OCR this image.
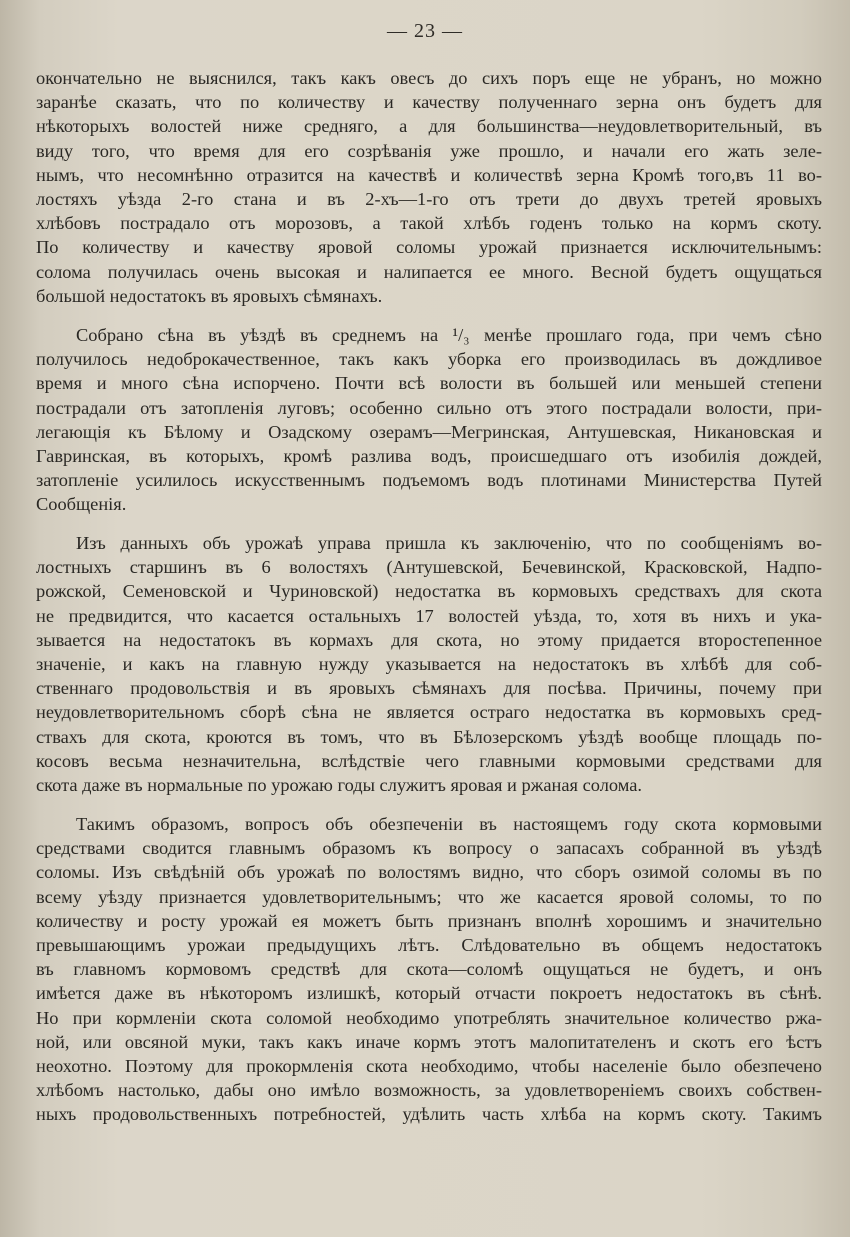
— 23 —
окончательно не выяснился, такъ какъ овесъ до сихъ поръ еще не убранъ, но можно
заранѣе сказать, что по количеству и качеству полученнаго зерна онъ будетъ для
нѣкоторыхъ волостей ниже средняго, а для большинства—неудовлетворительный, въ
виду того, что время для его созрѣванія уже прошло, и начали его жать зеле-
нымъ, что несомнѣнно отразится на качествѣ и количествѣ зерна Кромѣ того,въ 11 во-
лостяхъ уѣзда 2-го стана и въ 2-хъ—1-го отъ трети до двухъ третей яровыхъ
хлѣбовъ пострадало отъ морозовъ, а такой хлѣбъ годенъ только на кормъ скоту.
По количеству и качеству яровой соломы урожай признается исключительнымъ:
солома получилась очень высокая и налипается ее много. Весной будетъ ощущаться
большой недостатокъ въ яровыхъ сѣмянахъ.
Собрано сѣна въ уѣздѣ въ среднемъ на ¹/₃ менѣе прошлаго года, при чемъ сѣно
получилось недоброкачественное, такъ какъ уборка его производилась въ дождливое
время и много сѣна испорчено. Почти всѣ волости въ большей или меньшей степени
пострадали отъ затопленія луговъ; особенно сильно отъ этого пострадали волости, при-
легающія къ Бѣлому и Озадскому озерамъ—Мегринская, Антушевская, Никановская и
Гавринская, въ которыхъ, кромѣ разлива водъ, происшедшаго отъ изобилія дождей,
затопленіе усилилось искусственнымъ подъемомъ водъ плотинами Министерства Путей
Сообщенія.
Изъ данныхъ объ урожаѣ управа пришла къ заключенію, что по сообщеніямъ во-
лостныхъ старшинъ въ 6 волостяхъ (Антушевской, Бечевинской, Красковской, Надпо-
рожской, Семеновской и Чуриновской) недостатка въ кормовыхъ средствахъ для скота
не предвидится, что касается остальныхъ 17 волостей уѣзда, то, хотя въ нихъ и ука-
зывается на недостатокъ въ кормахъ для скота, но этому придается второстепенное
значеніе, и какъ на главную нужду указывается на недостатокъ въ хлѣбѣ для соб-
ственнаго продовольствія и въ яровыхъ сѣмянахъ для посѣва. Причины, почему при
неудовлетворительномъ сборѣ сѣна не является остраго недостатка въ кормовыхъ сред-
ствахъ для скота, кроются въ томъ, что въ Бѣлозерскомъ уѣздѣ вообще площадь по-
косовъ весьма незначительна, вслѣдствіе чего главными кормовыми средствами для
скота даже въ нормальные по урожаю годы служитъ яровая и ржаная солома.
Такимъ образомъ, вопросъ объ обезпеченіи въ настоящемъ году скота кормовыми
средствами сводится главнымъ образомъ къ вопросу о запасахъ собранной въ уѣздѣ
соломы. Изъ свѣдѣній объ урожаѣ по волостямъ видно, что сборъ озимой соломы въ по
всему уѣзду признается удовлетворительнымъ; что же касается яровой соломы, то по
количеству и росту урожай ея можетъ быть признанъ вполнѣ хорошимъ и значительно
превышающимъ урожаи предыдущихъ лѣтъ. Слѣдовательно въ общемъ недостатокъ
въ главномъ кормовомъ средствѣ для скота—соломѣ ощущаться не будетъ, и онъ
имѣется даже въ нѣкоторомъ излишкѣ, который отчасти покроетъ недостатокъ въ сѣнѣ.
Но при кормленіи скота соломой необходимо употреблять значительное количество ржа-
ной, или овсяной муки, такъ какъ иначе кормъ этотъ малопитателенъ и скотъ его ѣстъ
неохотно. Поэтому для прокормленія скота необходимо, чтобы населеніе было обезпечено
хлѣбомъ настолько, дабы оно имѣло возможность, за удовлетвореніемъ своихъ собствен-
ныхъ продовольственныхъ потребностей, удѣлить часть хлѣба на кормъ скоту. Такимъ
